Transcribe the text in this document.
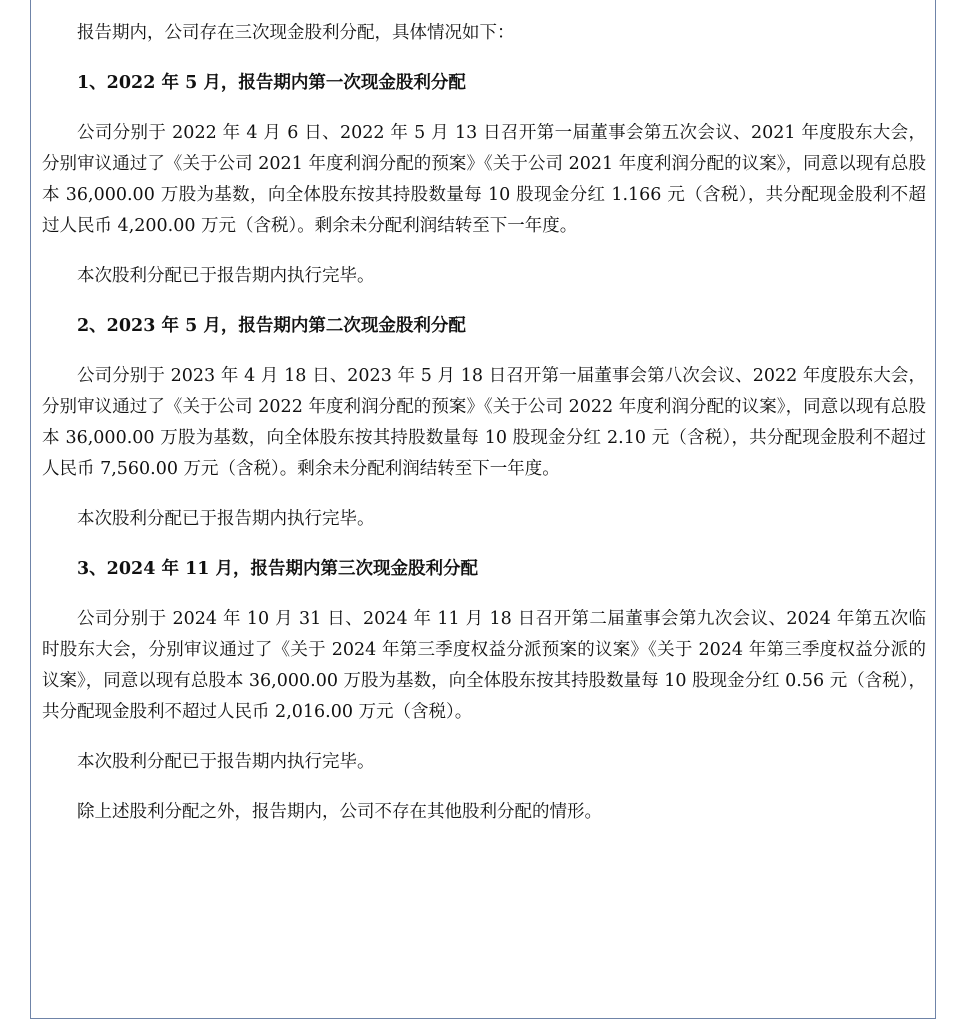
报告期内，公司存在三次现金股利分配，具体情况如下：

1、2022 年 5 月，报告期内第一次现金股利分配

公司分别于 2022 年 4 月 6 日、2022 年 5 月 13 日召开第一届董事会第五次会议、2021 年度股东大会，分别审议通过了《关于公司 2021 年度利润分配的预案》《关于公司 2021 年度利润分配的议案》，同意以现有总股本 36,000.00 万股为基数，向全体股东按其持股数量每 10 股现金分红 1.166 元（含税），共分配现金股利不超过人民币 4,200.00 万元（含税）。剩余未分配利润结转至下一年度。

本次股利分配已于报告期内执行完毕。

2、2023 年 5 月，报告期内第二次现金股利分配

公司分别于 2023 年 4 月 18 日、2023 年 5 月 18 日召开第一届董事会第八次会议、2022 年度股东大会，分别审议通过了《关于公司 2022 年度利润分配的预案》《关于公司 2022 年度利润分配的议案》，同意以现有总股本 36,000.00 万股为基数，向全体股东按其持股数量每 10 股现金分红 2.10 元（含税），共分配现金股利不超过人民币 7,560.00 万元（含税）。剩余未分配利润结转至下一年度。

本次股利分配已于报告期内执行完毕。

3、2024 年 11 月，报告期内第三次现金股利分配

公司分别于 2024 年 10 月 31 日、2024 年 11 月 18 日召开第二届董事会第九次会议、2024 年第五次临时股东大会，分别审议通过了《关于 2024 年第三季度权益分派预案的议案》《关于 2024 年第三季度权益分派的议案》，同意以现有总股本 36,000.00 万股为基数，向全体股东按其持股数量每 10 股现金分红 0.56 元（含税），共分配现金股利不超过人民币 2,016.00 万元（含税）。

本次股利分配已于报告期内执行完毕。

除上述股利分配之外，报告期内，公司不存在其他股利分配的情形。
